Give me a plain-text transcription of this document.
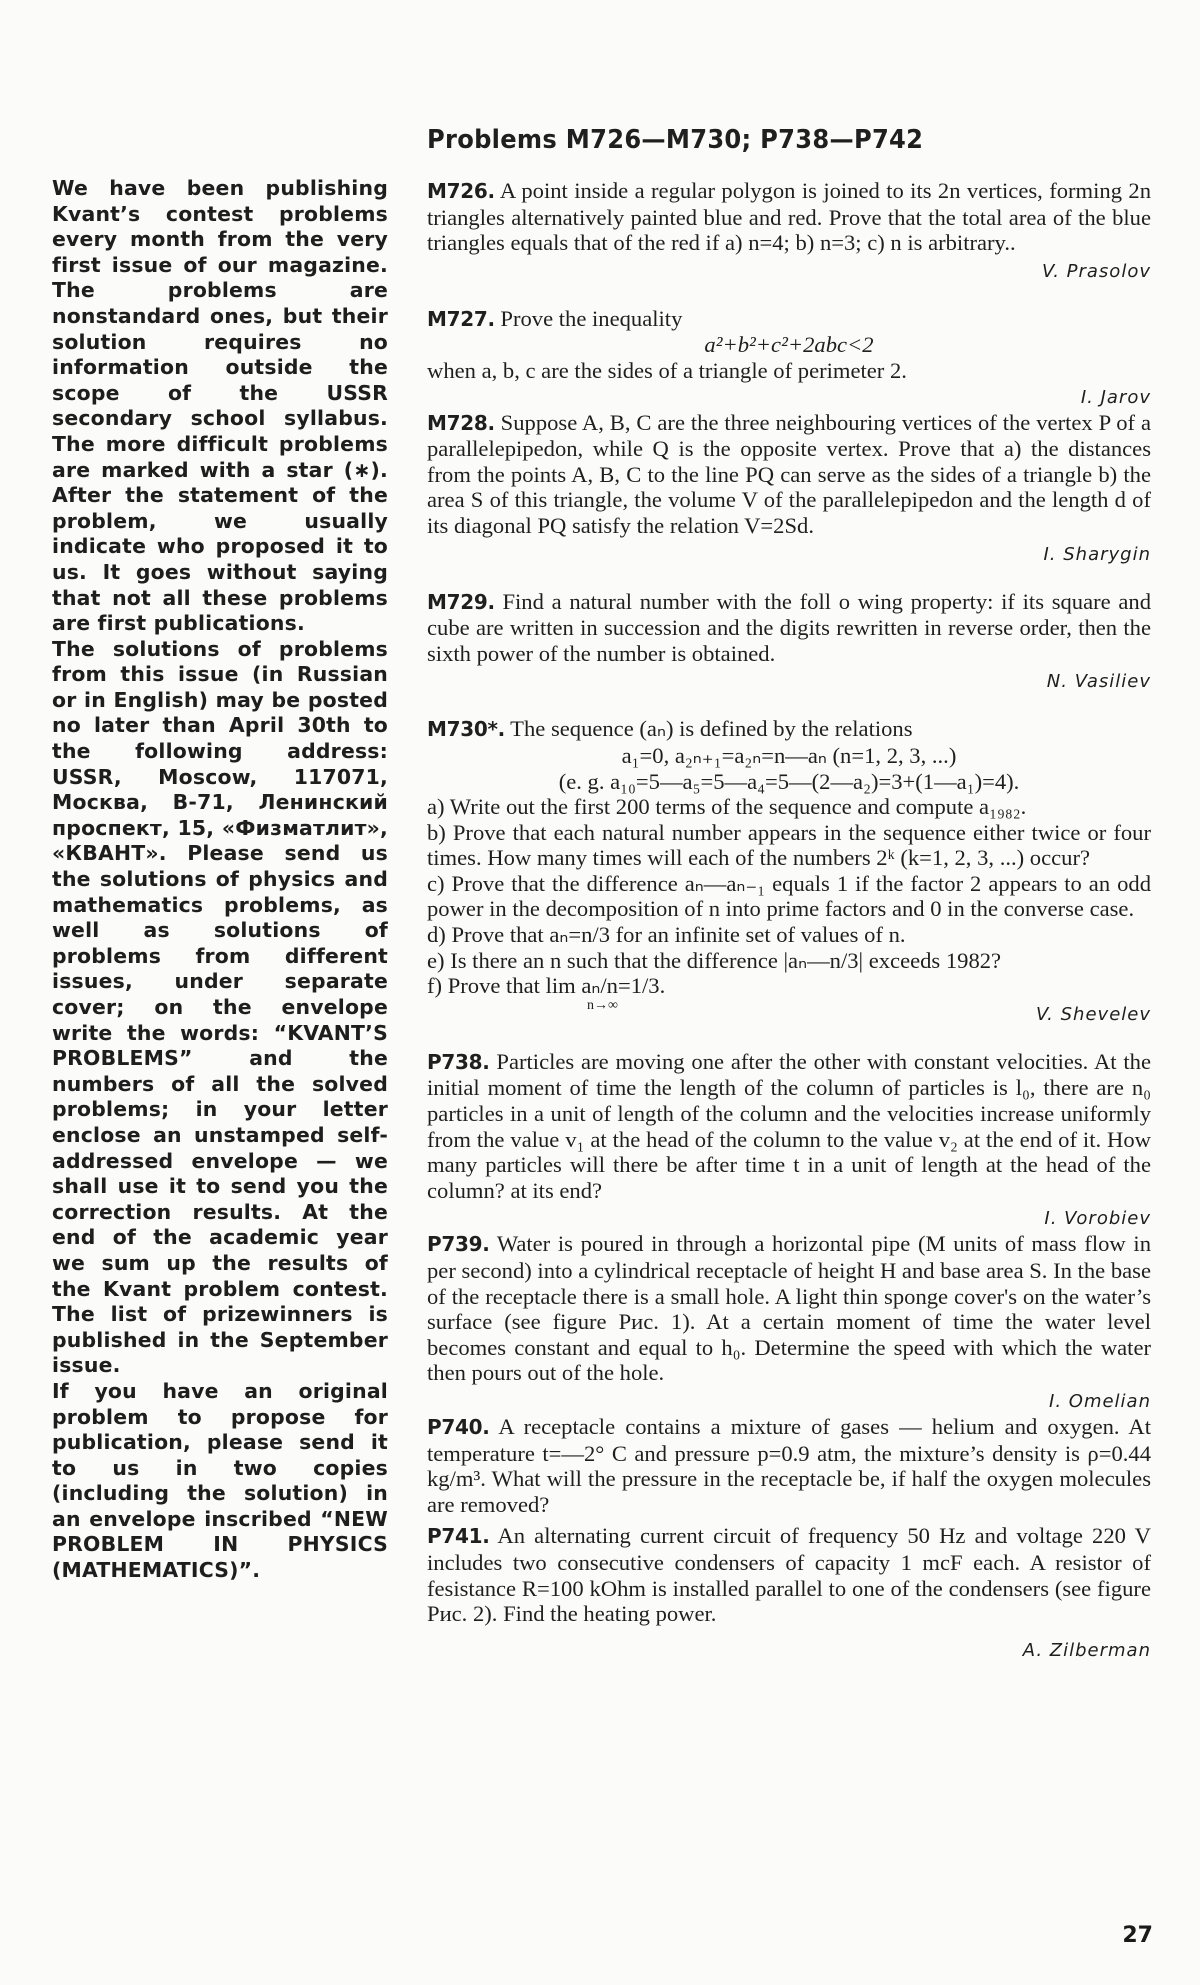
We have been publishing Kvant’s contest problems every month from the very first issue of our magazine. The problems are nonstandard ones, but their solution requires no information outside the scope of the USSR secondary school syllabus. The more difficult problems are marked with a star (∗). After the statement of the problem, we usually indicate who proposed it to us. It goes without saying that not all these problems are first publications.

The solutions of problems from this issue (in Russian or in English) may be posted no later than April 30th to the following address: USSR, Moscow, 117071, Москва, В-71, Ленинский проспект, 15, «Физматлит», «КВАНТ». Please send us the solutions of physics and mathematics problems, as well as solutions of problems from different issues, under separate cover; on the envelope write the words: “KVANT’S PROBLEMS” and the numbers of all the solved problems; in your letter enclose an unstamped self-addressed envelope — we shall use it to send you the correction results. At the end of the academic year we sum up the results of the Kvant problem contest. The list of prizewinners is published in the September issue.

If you have an original problem to propose for publication, please send it to us in two copies (including the solution) in an envelope inscribed “NEW PROBLEM IN PHYSICS (MATHEMATICS)”.

Problems M726—M730; P738—P742
M726. A point inside a regular polygon is joined to its 2n vertices, forming 2n triangles alternatively painted blue and red. Prove that the total area of the blue triangles equals that of the red if a) n=4; b) n=3; c) n is arbitrary..
V. Prasolov
M727. Prove the inequality
a²+b²+c²+2abc<2
when a, b, c are the sides of a triangle of perimeter 2.
I. Jarov
M728. Suppose A, B, C are the three neighbouring vertices of the vertex P of a parallelepipedon, while Q is the opposite vertex. Prove that a) the distances from the points A, B, C to the line PQ can serve as the sides of a triangle b) the area S of this triangle, the volume V of the parallelepipedon and the length d of its diagonal PQ satisfy the relation V=2Sd.
I. Sharygin
M729. Find a natural number with the foll o wing property: if its square and cube are written in succession and the digits rewritten in reverse order, then the sixth power of the number is obtained.
N. Vasiliev
M730*. The sequence (aₙ) is defined by the relations
a₁=0, a₂ₙ₊₁=a₂ₙ=n—aₙ (n=1, 2, 3, ...)
(e. g. a₁₀=5—a₅=5—a₄=5—(2—a₂)=3+(1—a₁)=4).
a) Write out the first 200 terms of the sequence and compute a₁₉₈₂.
b) Prove that each natural number appears in the sequence either twice or four times. How many times will each of the numbers 2ᵏ (k=1, 2, 3, ...) occur?
c) Prove that the difference aₙ—aₙ₋₁ equals 1 if the factor 2 appears to an odd power in the decomposition of n into prime factors and 0 in the converse case.
d) Prove that aₙ=n/3 for an infinite set of values of n.
e) Is there an n such that the difference |aₙ—n/3| exceeds 1982?
f) Prove that lim aₙ/n=1/3.
n→∞	V. Shevelev
P738. Particles are moving one after the other with constant velocities. At the initial moment of time the length of the column of particles is l₀, there are n₀ particles in a unit of length of the column and the velocities increase uniformly from the value v₁ at the head of the column to the value v₂ at the end of it. How many particles will there be after time t in a unit of length at the head of the column? at its end?
I. Vorobiev
P739. Water is poured in through a horizontal pipe (M units of mass flow in per second) into a cylindrical receptacle of height H and base area S. In the base of the receptacle there is a small hole. A light thin sponge cover's on the water’s surface (see figure Рис. 1). At a certain moment of time the water level becomes constant and equal to h₀. Determine the speed with which the water then pours out of the hole.
I. Omelian
P740. A receptacle contains a mixture of gases — helium and oxygen. At temperature t=—2° C and pressure p=0.9 atm, the mixture’s density is ρ=0.44 kg/m³. What will the pressure in the receptacle be, if half the oxygen molecules are removed?
P741. An alternating current circuit of frequency 50 Hz and voltage 220 V includes two consecutive condensers of capacity 1 mcF each. A resistor of fesistance R=100 kOhm is installed parallel to one of the condensers (see figure Рис. 2). Find the heating power.
A. Zilberman
27
